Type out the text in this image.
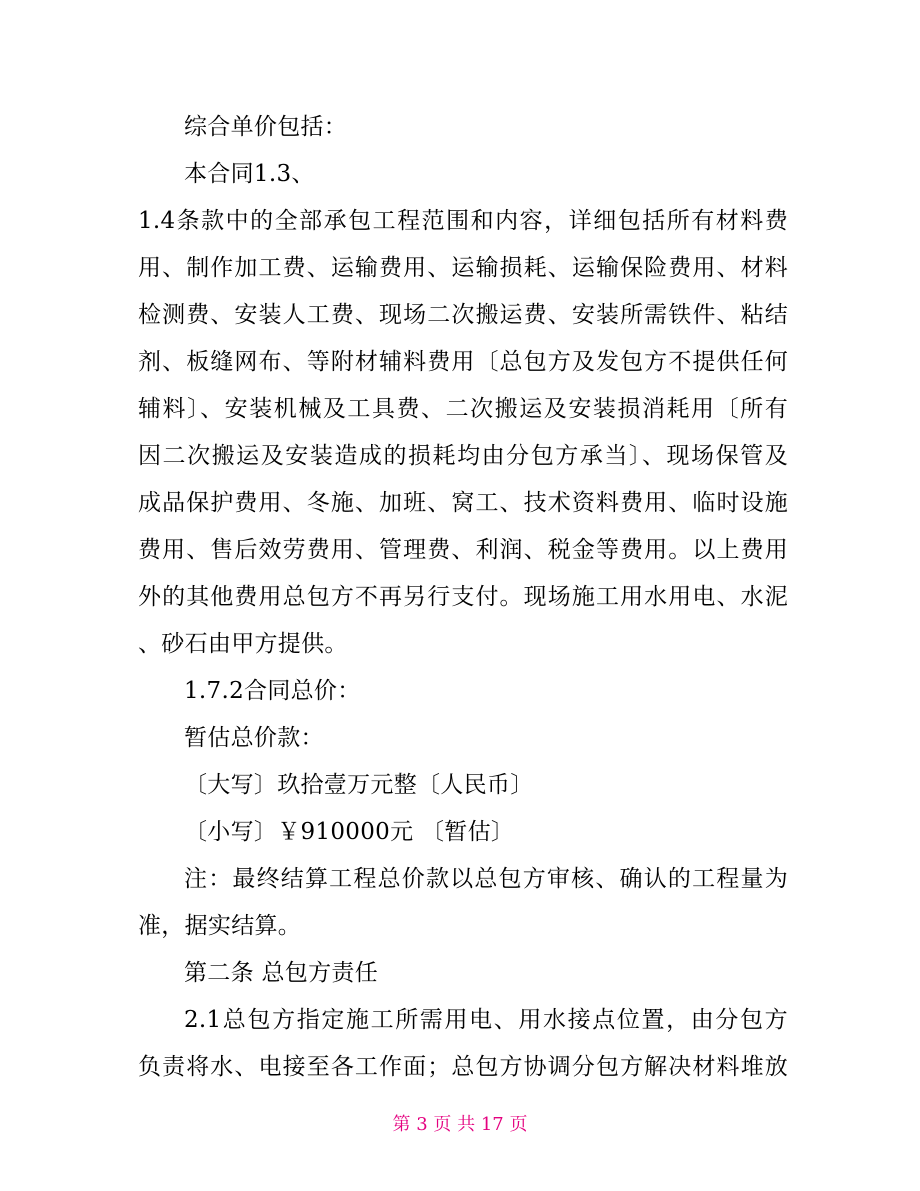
综合单价包括：
本合同1.3、
1.4条款中的全部承包工程范围和内容，详细包括所有材料费
用、制作加工费、运输费用、运输损耗、运输保险费用、材料
检测费、安装人工费、现场二次搬运费、安装所需铁件、粘结
剂、板缝网布、等附材辅料费用〔总包方及发包方不提供任何
辅料〕、安装机械及工具费、二次搬运及安装损消耗用〔所有
因二次搬运及安装造成的损耗均由分包方承当〕、现场保管及
成品保护费用、冬施、加班、窝工、技术资料费用、临时设施
费用、售后效劳费用、管理费、利润、税金等费用。以上费用
外的其他费用总包方不再另行支付。现场施工用水用电、水泥
、砂石由甲方提供。
1.7.2合同总价：
暂估总价款：
〔大写〕玖拾壹万元整〔人民币〕
〔小写〕￥910000元 〔暂估〕
注：最终结算工程总价款以总包方审核、确认的工程量为
准，据实结算。
第二条 总包方责任
2.1总包方指定施工所需用电、用水接点位置，由分包方
负责将水、电接至各工作面；总包方协调分包方解决材料堆放
第 3 页 共 17 页
